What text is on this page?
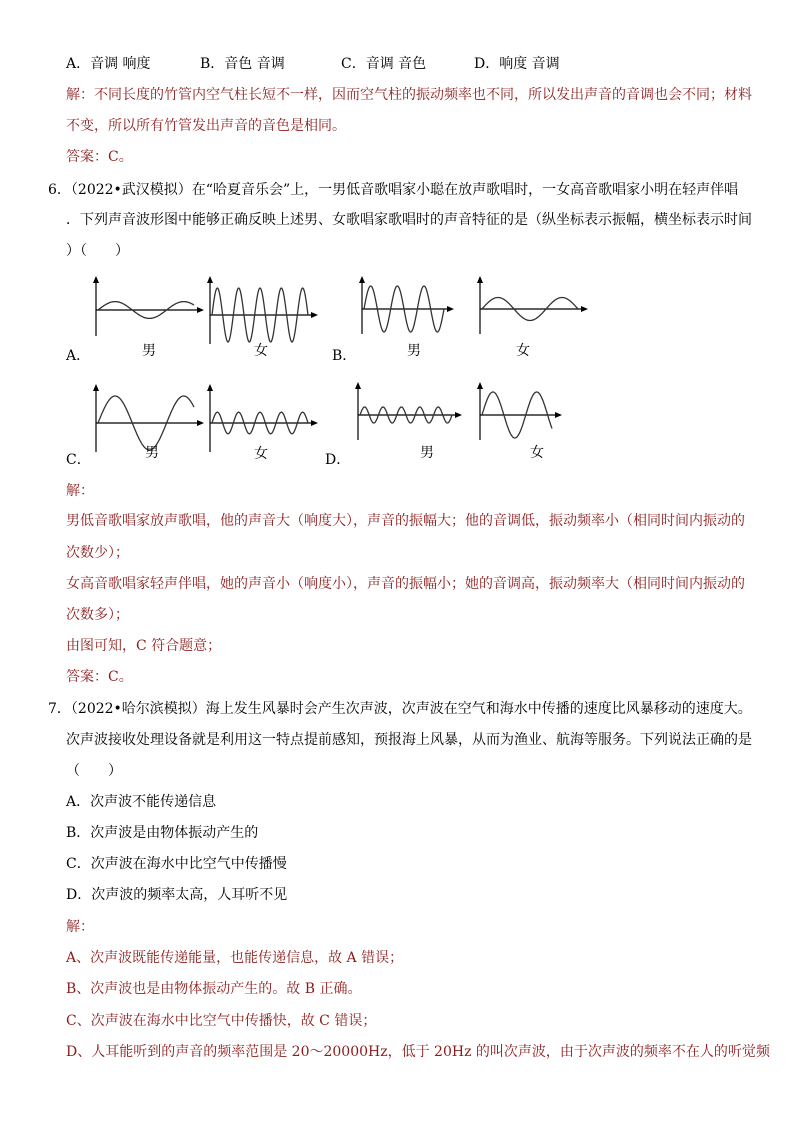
A．音调 响度	B．音色 音调	C．音调 音色	D．响度 音调
解：不同长度的竹管内空气柱长短不一样，因而空气柱的振动频率也不同，所以发出声音的音调也会不同；材料
不变，所以所有竹管发出声音的音色是相同。
答案：C。
6．（2022•武汉模拟）在“哈夏音乐会”上，一男低音歌唱家小聪在放声歌唱时，一女高音歌唱家小明在轻声伴唱
．下列声音波形图中能够正确反映上述男、女歌唱家歌唱时的声音特征的是（纵坐标表示振幅，横坐标表示时间
）（　　）
A．	男	女	B．	男	女
C．	男	女	D．	男	女
解：
男低音歌唱家放声歌唱，他的声音大（响度大），声音的振幅大；他的音调低，振动频率小（相同时间内振动的
次数少）；
女高音歌唱家轻声伴唱，她的声音小（响度小），声音的振幅小；她的音调高，振动频率大（相同时间内振动的
次数多）；
由图可知，C 符合题意；
答案：C。
7．（2022•哈尔滨模拟）海上发生风暴时会产生次声波，次声波在空气和海水中传播的速度比风暴移动的速度大。
次声波接收处理设备就是利用这一特点提前感知，预报海上风暴，从而为渔业、航海等服务。下列说法正确的是
（　　）
A．次声波不能传递信息
B．次声波是由物体振动产生的
C．次声波在海水中比空气中传播慢
D．次声波的频率太高，人耳听不见
解：
A、次声波既能传递能量，也能传递信息，故 A 错误；
B、次声波也是由物体振动产生的。故 B 正确。
C、次声波在海水中比空气中传播快，故 C 错误；
D、人耳能听到的声音的频率范围是 20～20000Hz，低于 20Hz 的叫次声波，由于次声波的频率不在人的听觉频
